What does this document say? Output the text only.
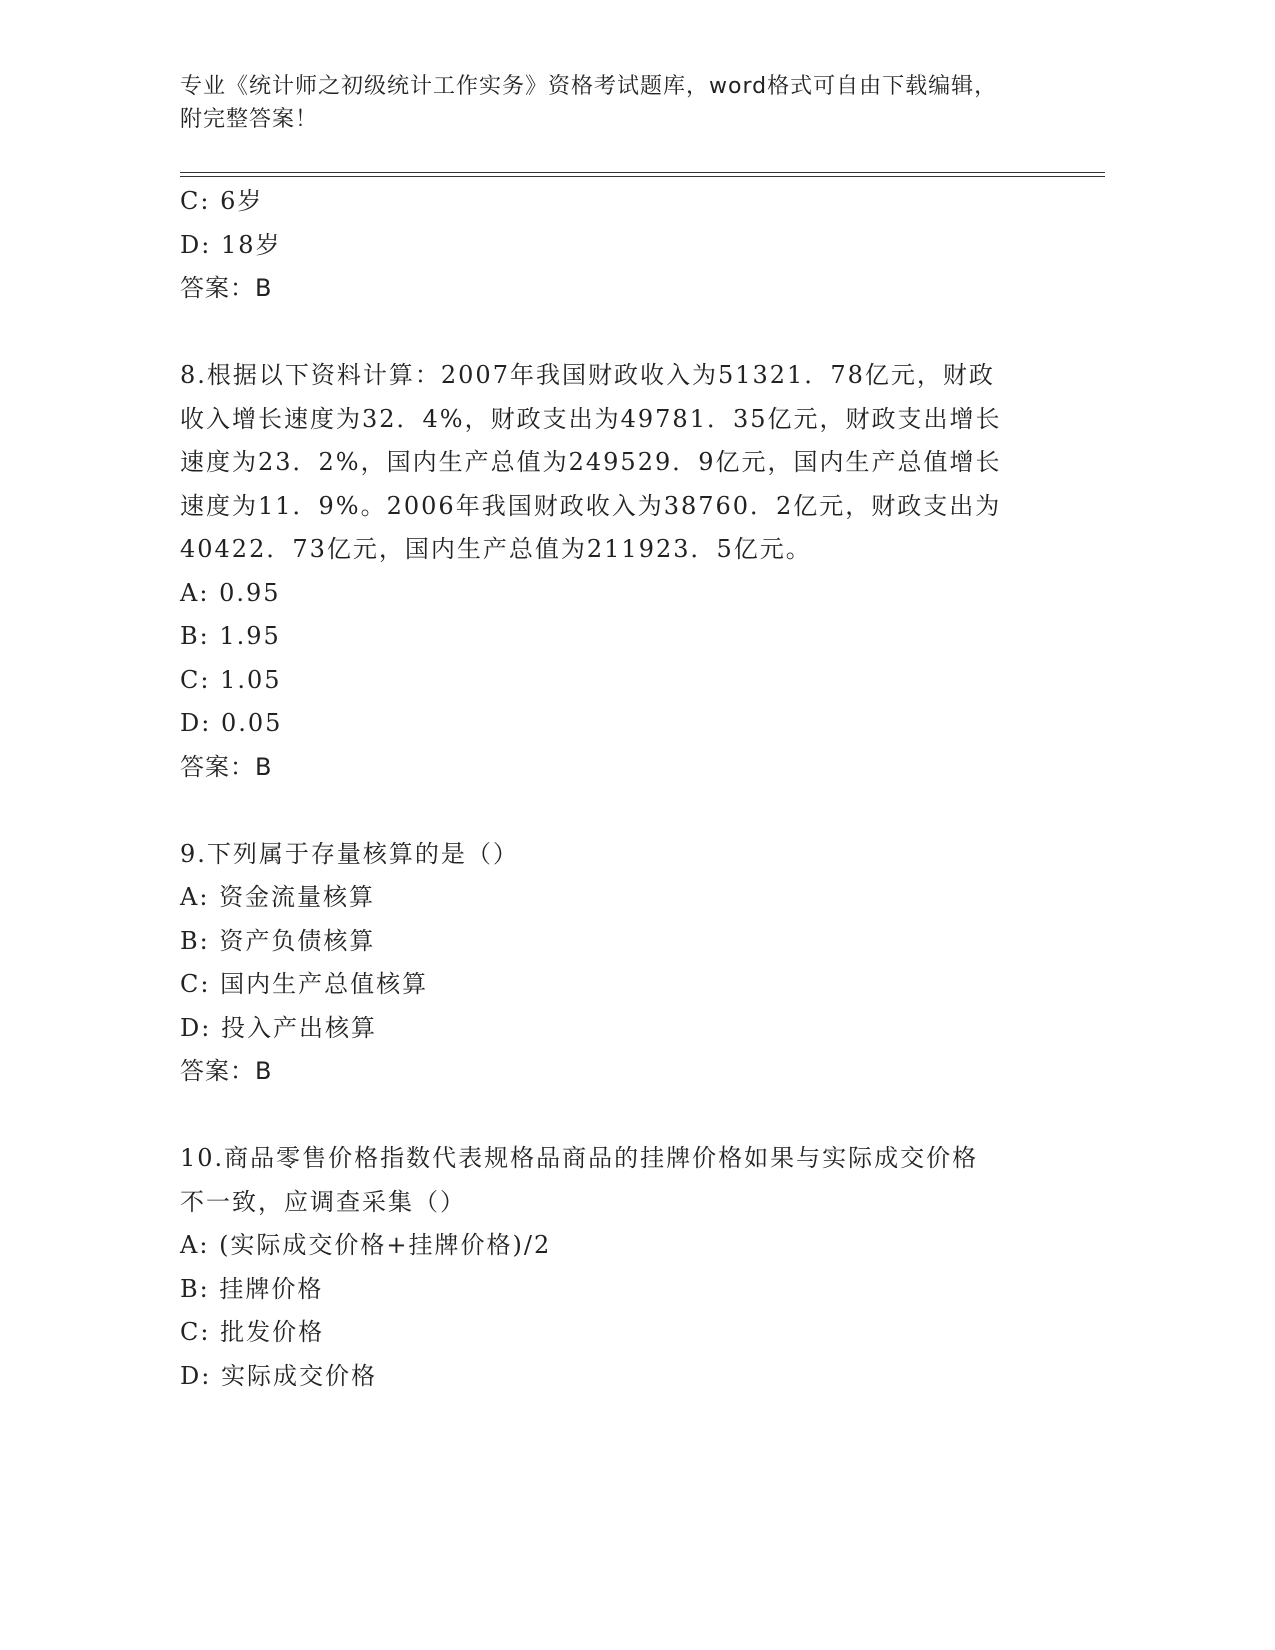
专业《统计师之初级统计工作实务》资格考试题库，word格式可自由下载编辑，
附完整答案！
C: 6岁
D: 18岁
答案：B
8.根据以下资料计算：2007年我国财政收入为51321．78亿元，财政
收入增长速度为32．4%，财政支出为49781．35亿元，财政支出增长
速度为23．2%，国内生产总值为249529．9亿元，国内生产总值增长
速度为11．9%。2006年我国财政收入为38760．2亿元，财政支出为
40422．73亿元，国内生产总值为211923．5亿元。
A: 0.95
B: 1.95
C: 1.05
D: 0.05
答案：B
9.下列属于存量核算的是（）
A: 资金流量核算
B: 资产负债核算
C: 国内生产总值核算
D: 投入产出核算
答案：B
10.商品零售价格指数代表规格品商品的挂牌价格如果与实际成交价格
不一致，应调查采集（）
A: (实际成交价格+挂牌价格)/2
B: 挂牌价格
C: 批发价格
D: 实际成交价格
